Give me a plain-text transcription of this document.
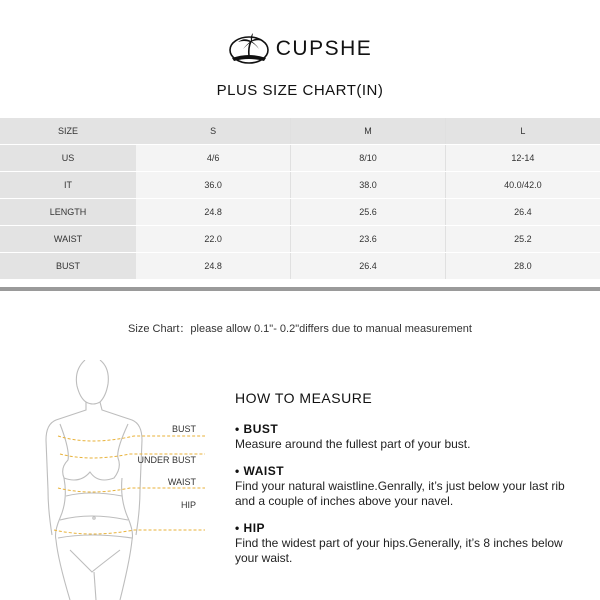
CUPSHE
PLUS SIZE CHART(IN)
SIZE	S	M	L
US	4/6	8/10	12-14
IT	36.0	38.0	40.0/42.0
LENGTH	24.8	25.6	26.4
WAIST	22.0	23.6	25.2
BUST	24.8	26.4	28.0
Size Chart：please allow 0.1"- 0.2"differs due to manual measurement
BUST
UNDER BUST
WAIST
HIP
HOW TO MEASURE
• BUST
Measure around the fullest part of your bust.
• WAIST
Find your natural waistline.Genrally, it’s just below your last rib and a couple of inches above your navel.
• HIP
Find the widest part of your hips.Generally, it’s 8 inches below your waist.
